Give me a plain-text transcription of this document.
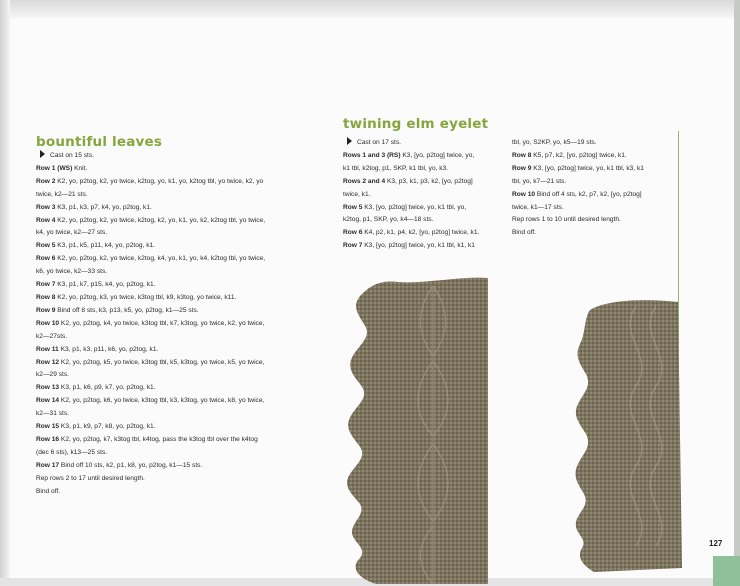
bountiful leaves

Cast on 15 sts.

Row 1 (WS) Knit.

Row 2 K2, yo, p2tog, k2, yo twice, k2tog, yo, k1, yo, k2tog tbl, yo twice, k2, yo

twice, k2—21 sts.

Row 3 K3, p1, k3, p7, k4, yo, p2tog, k1.

Row 4 K2, yo, p2tog, k2, yo twice, k2tog, k2, yo, k1, yo, k2, k2tog tbl, yo twice,

k4, yo twice, k2—27 sts.

Row 5 K3, p1, k5, p11, k4, yo, p2tog, k1.

Row 6 K2, yo, p2tog, k2, yo twice, k2tog, k4, yo, k1, yo, k4, k2tog tbl, yo twice,

k6, yo twice, k2—33 sts.

Row 7 K3, p1, k7, p15, k4, yo, p2tog, k1.

Row 8 K2, yo, p2tog, k3, yo twice, k3tog tbl, k9, k3tog, yo twice, k11.

Row 9 Bind off 8 sts, k3, p13, k5, yo, p2tog, k1—25 sts.

Row 10 K2, yo, p2tog, k4, yo twice, k3tog tbl, k7, k3tog, yo twice, k2, yo twice,

k2—27sts.

Row 11 K3, p1, k3, p11, k6, yo, p2tog, k1.

Row 12 K2, yo, p2tog, k5, yo twice, k3tog tbl, k5, k3tog, yo twice, k5, yo twice,

k2—29 sts.

Row 13 K3, p1, k6, p9, k7, yo, p2tog, k1.

Row 14 K2, yo, p2tog, k6, yo twice, k3tog tbl, k3, k3tog, yo twice, k8, yo twice,

k2—31 sts.

Row 15 K3, p1, k9, p7, k8, yo, p2tog, k1.

Row 16 K2, yo, p2tog, k7, k3tog tbl, k4tog, pass the k3tog tbl over the k4tog

(dec 6 sts), k13—25 sts.

Row 17 Bind off 10 sts, k2, p1, k8, yo, p2tog, k1—15 sts.

Rep rows 2 to 17 until desired length.

Bind off.

twining elm eyelet

Cast on 17 sts.

Rows 1 and 3 (RS) K3, [yo, p2tog] twice, yo,

k1 tbl, k2tog, p1, SKP, k1 tbl, yo, k3.

Rows 2 and 4 K3, p3, k1, p3, k2, [yo, p2tog]

twice, k1.

Row 5 K3, [yo, p2tog] twice, yo, k1 tbl, yo,

k2tog, p1, SKP, yo, k4—18 sts.

Row 6 K4, p2, k1, p4, k2, [yo, p2tog] twice, k1.

Row 7 K3, [yo, p2tog] twice, yo, k1 tbl, k1, k1

tbl, yo, S2KP, yo, k5—19 sts.

Row 8 K5, p7, k2, [yo, p2tog] twice, k1.

Row 9 K3, [yo, p2tog] twice, yo, k1 tbl, k3, k1

tbl, yo, k7—21 sts.

Row 10 Bind off 4 sts, k2, p7, k2, [yo, p2tog]

twice, k1—17 sts.

Rep rows 1 to 10 until desired length.

Bind off.

127
